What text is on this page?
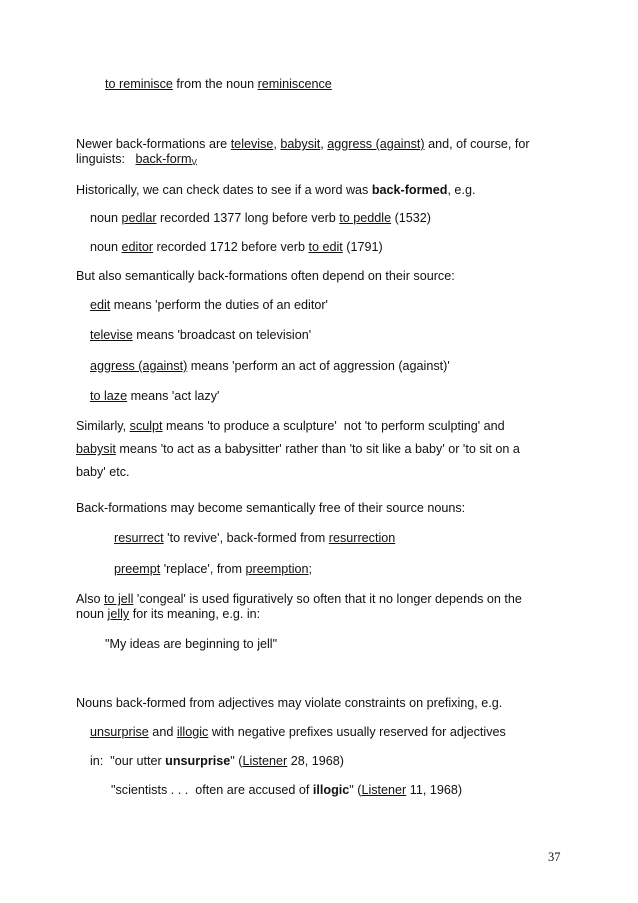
to reminisce from the noun reminiscence
Newer back-formations are televise, babysit, aggress (against) and, of course, for
linguists:   back-form$_V$
Historically, we can check dates to see if a word was back-formed, e.g.
noun pedlar recorded 1377 long before verb to peddle (1532)
noun editor recorded 1712 before verb to edit (1791)
But also semantically back-formations often depend on their source:
edit means 'perform the duties of an editor'
televise means 'broadcast on television'
aggress (against) means 'perform an act of aggression (against)'
to laze means 'act lazy'
Similarly, sculpt means 'to produce a sculpture'  not 'to perform sculpting' and
babysit means 'to act as a babysitter' rather than 'to sit like a baby' or 'to sit on a
baby' etc.
Back-formations may become semantically free of their source nouns:
resurrect 'to revive', back-formed from resurrection
preempt 'replace', from preemption;
Also to jell 'congeal' is used figuratively so often that it no longer depends on the
noun jelly for its meaning, e.g. in:
"My ideas are beginning to jell"
Nouns back-formed from adjectives may violate constraints on prefixing, e.g.
unsurprise and illogic with negative prefixes usually reserved for adjectives
in:  "our utter unsurprise" (Listener 28, 1968)
"scientists . . .  often are accused of illogic" (Listener 11, 1968)
37
